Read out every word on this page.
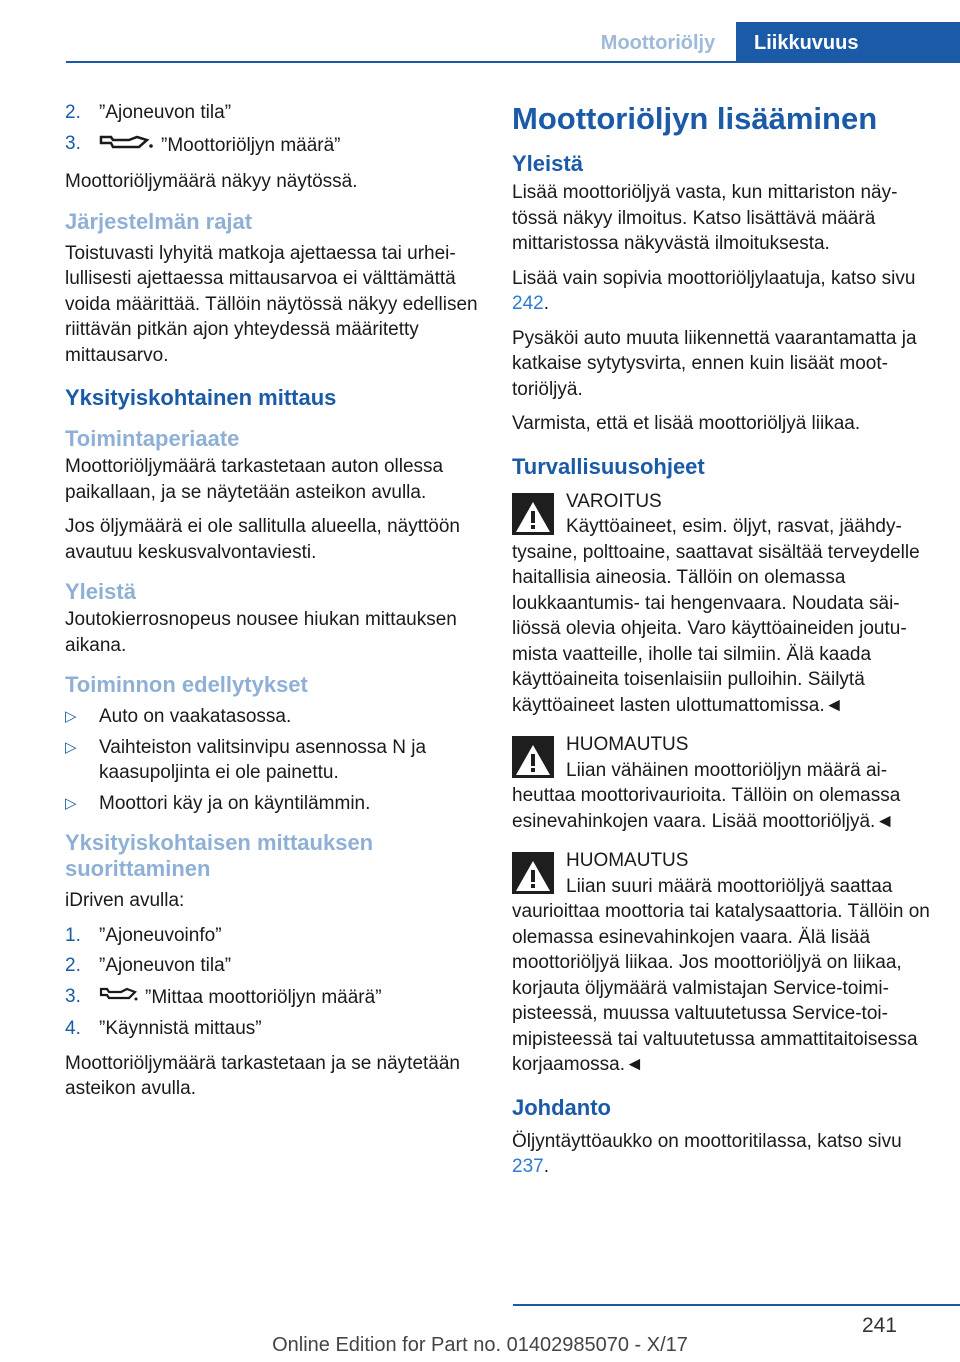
Moottoriöljy	Liikkuvuus
2. ”Ajoneuvon tila”
3.	”Moottoriöljyn määrä”

Moottoriöljymäärä näkyy näytössä.

Järjestelmän rajat

Toistuvasti lyhyitä matkoja ajettaessa tai urheilullisesti ajettaessa mittausarvoa ei välttämättä voida määrittää. Tällöin näytössä näkyy edellisen riittävän pitkän ajon yhteydessä määritetty mittausarvo.

Yksityiskohtainen mittaus
Toimintaperiaate

Moottoriöljymäärä tarkastetaan auton ollessa paikallaan, ja se näytetään asteikon avulla.

Jos öljymäärä ei ole sallitulla alueella, näyttöön avautuu keskusvalvontaviesti.

Yleistä

Joutokierrosnopeus nousee hiukan mittauksen aikana.

Toiminnon edellytykset
▷ Auto on vaakatasossa.
▷ Vaihteiston valitsinvipu asennossa N ja kaasupoljinta ei ole painettu.
▷ Moottori käy ja on käyntilämmin.
Yksityiskohtaisen mittauksen suorittaminen

iDriven avulla:

1. ”Ajoneuvoinfo”
2. ”Ajoneuvon tila”
3.	”Mittaa moottoriöljyn määrä”
4. ”Käynnistä mittaus”

Moottoriöljymäärä tarkastetaan ja se näytetään asteikon avulla.

Moottoriöljyn lisääminen
Yleistä

Lisää moottoriöljyä vasta, kun mittariston näytössä näkyy ilmoitus. Katso lisättävä määrä mittaristossa näkyvästä ilmoituksesta.

Lisää vain sopivia moottoriöljylaatuja, katso sivu 242.

Pysäköi auto muuta liikennettä vaarantamatta ja katkaise sytytysvirta, ennen kuin lisäät moottoriöljyä.

Varmista, että et lisää moottoriöljyä liikaa.

Turvallisuusohjeet
VAROITUS
Käyttöaineet, esim. öljyt, rasvat, jäähdytysaine, polttoaine, saattavat sisältää terveydelle haitallisia aineosia. Tällöin on olemassa loukkaantumis- tai hengenvaara. Noudata säiliössä olevia ohjeita. Varo käyttöaineiden joutumista vaatteille, iholle tai silmiin. Älä kaada käyttöaineita toisenlaisiin pulloihin. Säilytä käyttöaineet lasten ulottumattomissa.◄
HUOMAUTUS
Liian vähäinen moottoriöljyn määrä aiheuttaa moottorivaurioita. Tällöin on olemassa esinevahinkojen vaara. Lisää moottoriöljyä.◄
HUOMAUTUS
Liian suuri määrä moottoriöljyä saattaa vaurioittaa moottoria tai katalysaattoria. Tällöin on olemassa esinevahinkojen vaara. Älä lisää moottoriöljyä liikaa. Jos moottoriöljyä on liikaa, korjauta öljymäärä valmistajan Service-toimipisteessä, muussa valtuutetussa Service-toimipisteessä tai valtuutetussa ammattitaitoisessa korjaamossa.◄
Johdanto

Öljyntäyttöaukko on moottoritilassa, katso sivu 237.

241
Online Edition for Part no. 01402985070 - X/17
